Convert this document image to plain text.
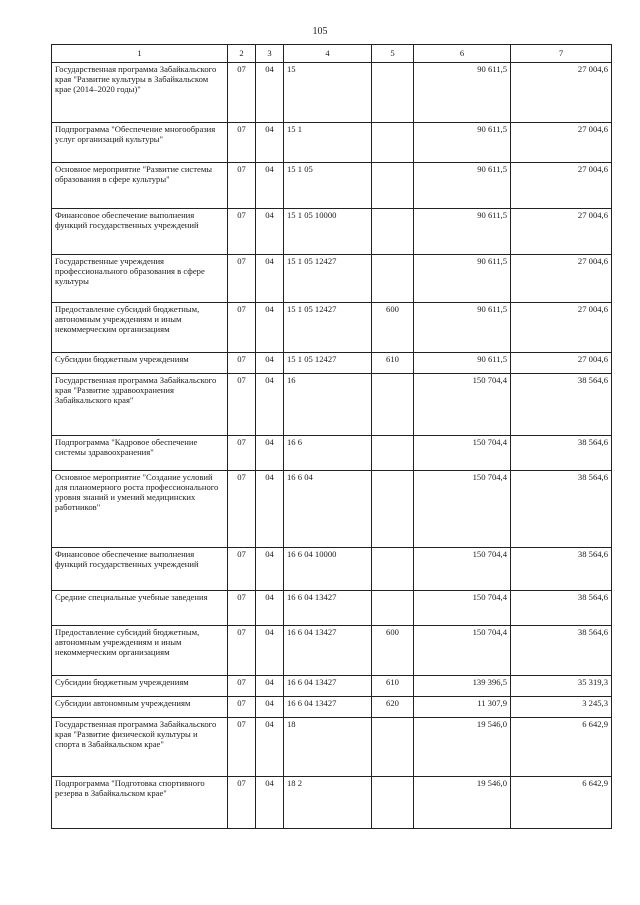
105
1	2	3	4	5	6	7
Государственная программа Забайкальского края "Развитие культуры в Забайкальском крае (2014–2020 годы)"	07	04	15		90 611,5	27 004,6
Подпрограмма "Обеспечение многообразия услуг организаций культуры"	07	04	15 1		90 611,5	27 004,6
Основное мероприятие "Развитие системы образования в сфере культуры"	07	04	15 1 05		90 611,5	27 004,6
Финансовое обеспечение выполнения функций государственных учреждений	07	04	15 1 05 10000		90 611,5	27 004,6
Государственные учреждения профессионального образования в сфере культуры	07	04	15 1 05 12427		90 611,5	27 004,6
Предоставление субсидий бюджетным, автономным учреждениям и иным некоммерческим организациям	07	04	15 1 05 12427	600	90 611,5	27 004,6
Субсидии бюджетным учреждениям	07	04	15 1 05 12427	610	90 611,5	27 004,6
Государственная программа Забайкальского края "Развитие здравоохранения Забайкальского края"	07	04	16		150 704,4	38 564,6
Подпрограмма "Кадровое обеспечение системы здравоохранения"	07	04	16 6		150 704,4	38 564,6
Основное мероприятие "Создание условий для планомерного роста профессионального уровня знаний и умений медицинских работников"	07	04	16 6 04		150 704,4	38 564,6
Финансовое обеспечение выполнения функций государственных учреждений	07	04	16 6 04 10000		150 704,4	38 564,6
Средние специальные учебные заведения	07	04	16 6 04 13427		150 704,4	38 564,6
Предоставление субсидий бюджетным, автономным учреждениям и иным некоммерческим организациям	07	04	16 6 04 13427	600	150 704,4	38 564,6
Субсидии бюджетным учреждениям	07	04	16 6 04 13427	610	139 396,5	35 319,3
Субсидии автономным учреждениям	07	04	16 6 04 13427	620	11 307,9	3 245,3
Государственная программа Забайкальского края "Развитие физической культуры и спорта в Забайкальском крае"	07	04	18		19 546,0	6 642,9
Подпрограмма "Подготовка спортивного резерва в Забайкальском крае"	07	04	18 2		19 546,0	6 642,9
